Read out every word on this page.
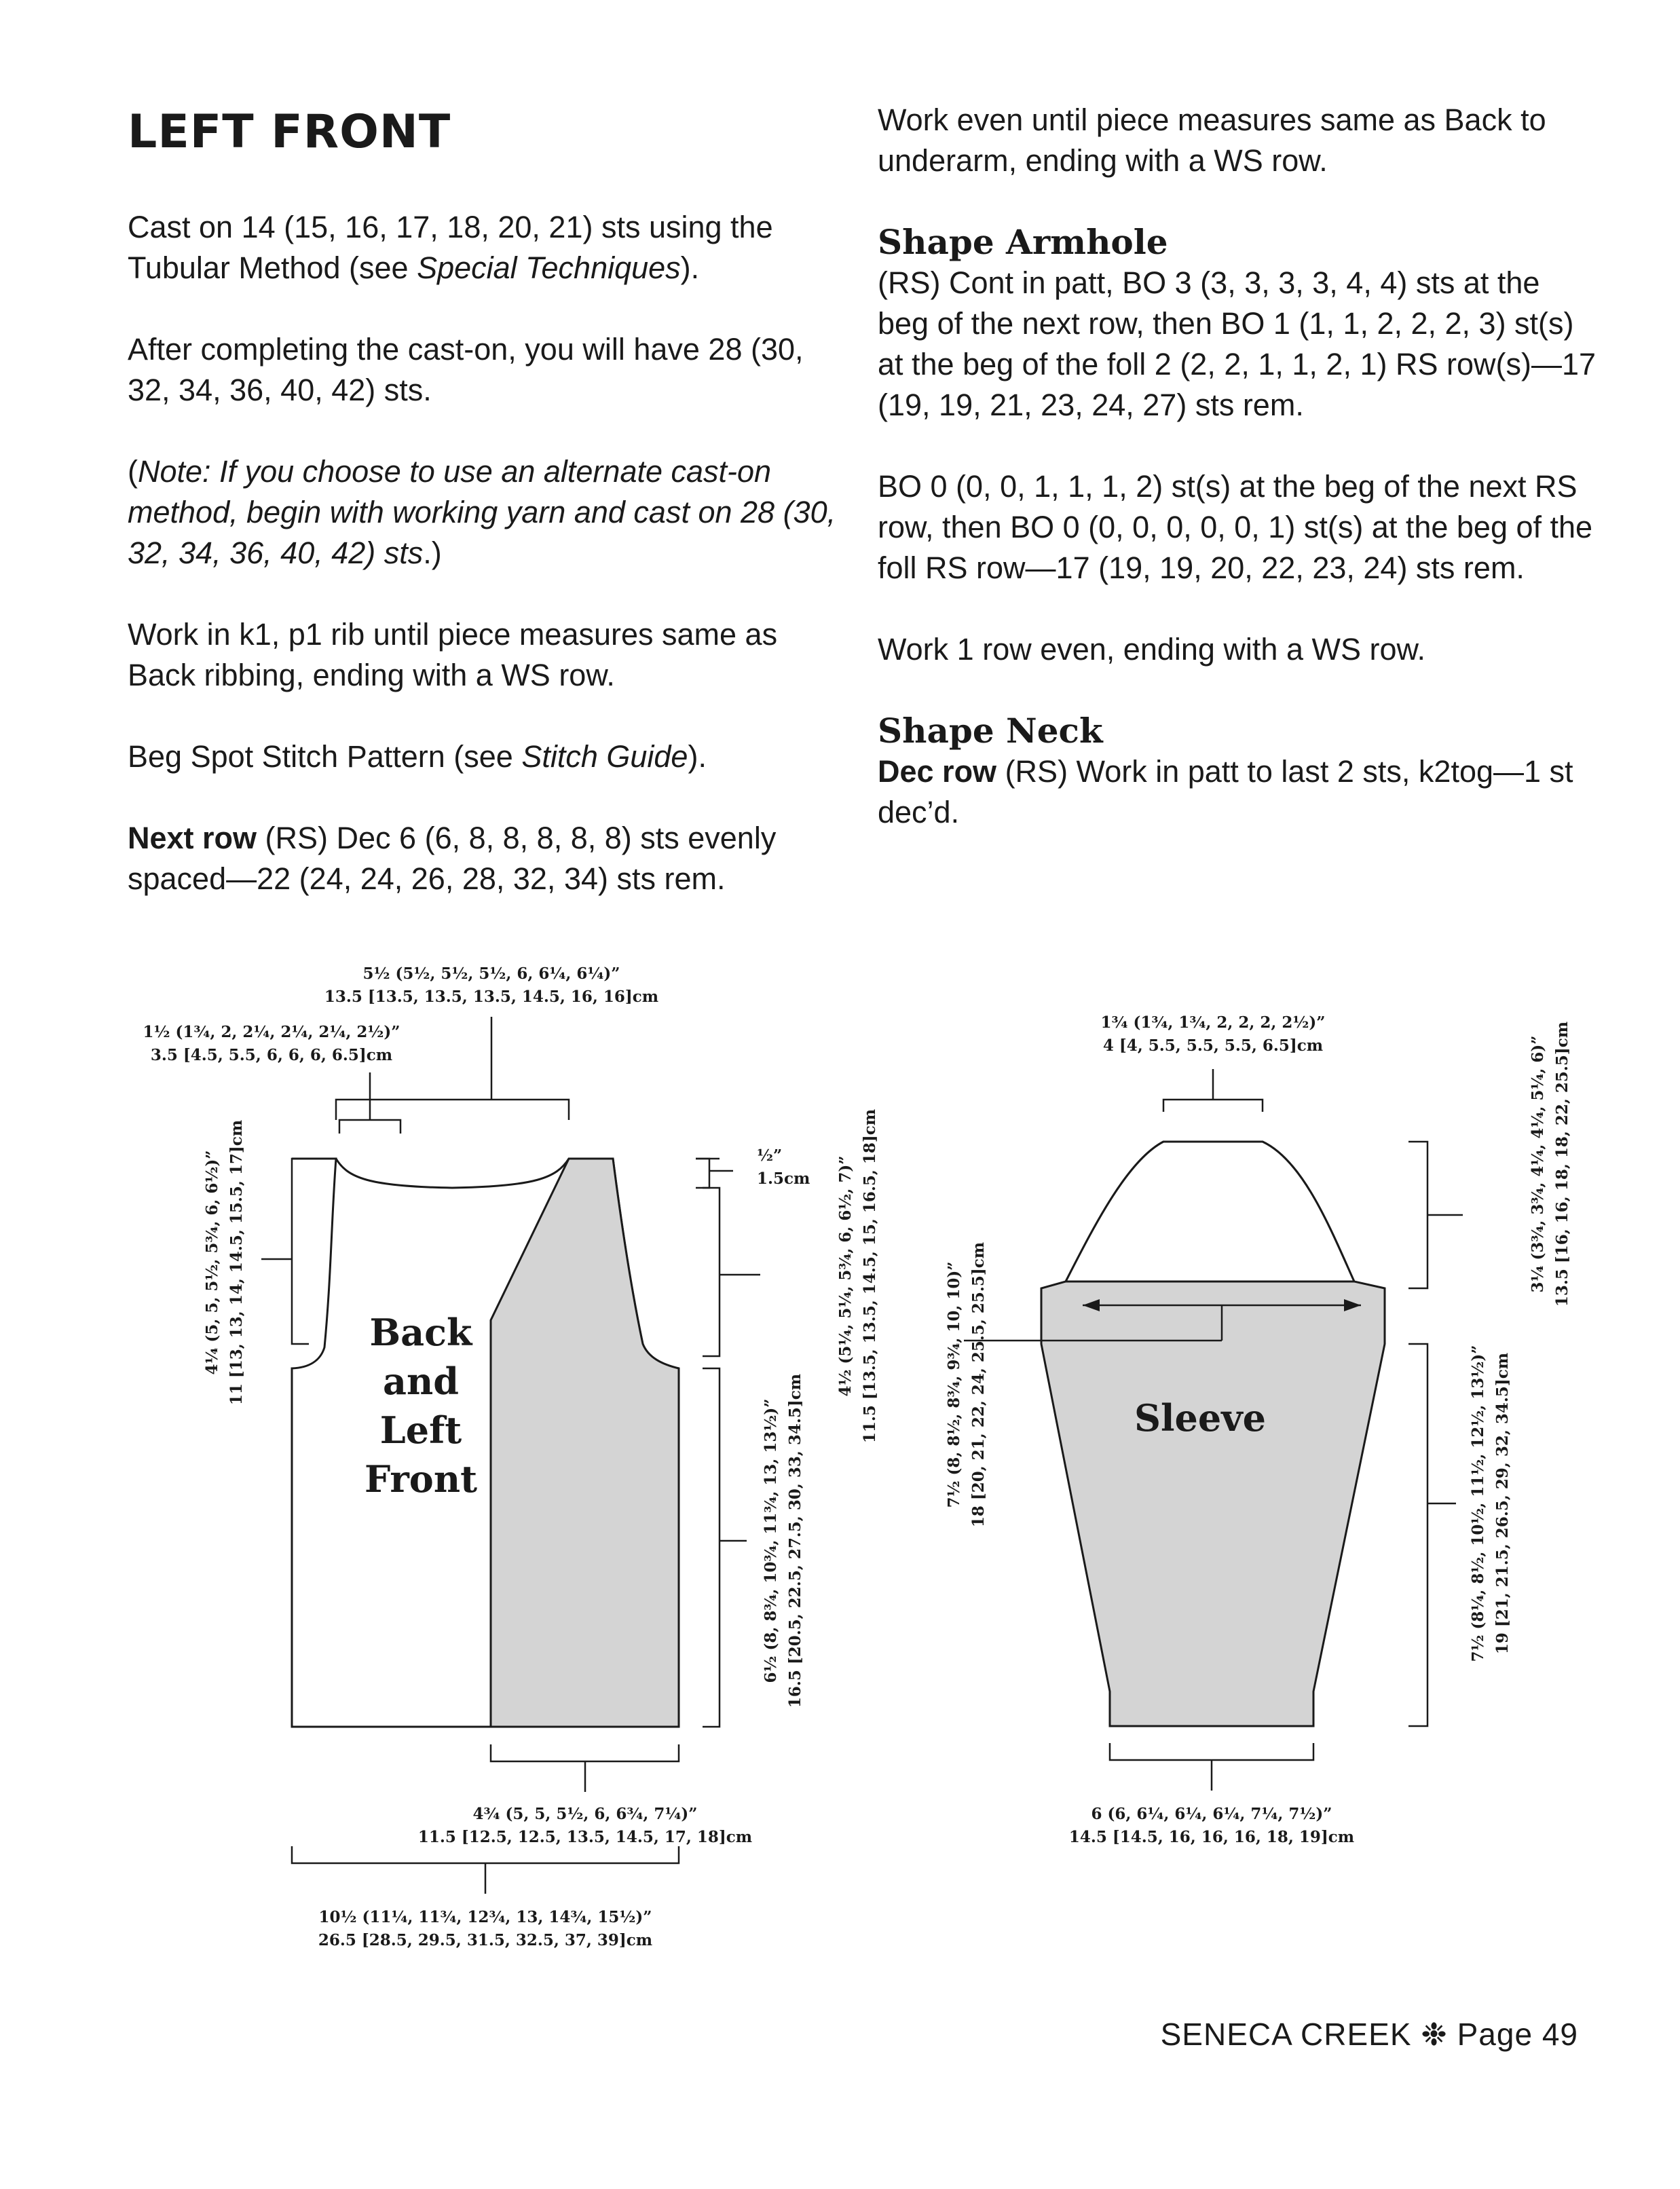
LEFT FRONT

Cast on 14 (15, 16, 17, 18, 20, 21) sts using the Tubular Method (see Special Techniques).

After completing the cast-on, you will have 28 (30, 32, 34, 36, 40, 42) sts.

(Note: If you choose to use an alternate cast-on method, begin with working yarn and cast on 28 (30, 32, 34, 36, 40, 42) sts.)

Work in k1, p1 rib until piece measures same as Back ribbing, ending with a WS row.

Beg Spot Stitch Pattern (see Stitch Guide).

Next row (RS) Dec 6 (6, 8, 8, 8, 8, 8) sts evenly spaced—22 (24, 24, 26, 28, 32, 34) sts rem.

Work even until piece measures same as Back to underarm, ending with a WS row.

Shape Armhole

(RS) Cont in patt, BO 3 (3, 3, 3, 3, 4, 4) sts at the beg of the next row, then BO 1 (1, 1, 2, 2, 2, 3) st(s) at the beg of the foll 2 (2, 2, 1, 1, 2, 1) RS row(s)—17 (19, 19, 21, 23, 24, 27) sts rem.

BO 0 (0, 0, 1, 1, 1, 2) st(s) at the beg of the next RS row, then BO 0 (0, 0, 0, 0, 0, 1) st(s) at the beg of the foll RS row—17 (19, 19, 20, 22, 23, 24) sts rem.

Work 1 row even, ending with a WS row.

Shape Neck

Dec row (RS) Work in patt to last 2 sts, k2tog—1 st dec’d.

Back
and
Left
Front
5½ (5½, 5½, 5½, 6, 6¼, 6¼)”
13.5 [13.5, 13.5, 13.5, 14.5, 16, 16]cm
1½ (1¾, 2, 2¼, 2¼, 2¼, 2½)”
3.5 [4.5, 5.5, 6, 6, 6, 6.5]cm
½”
1.5cm
4¼ (5, 5, 5½, 5¾, 6, 6½)” 11 [13, 13, 14, 14.5, 15.5, 17]cm	4½ (5¼, 5¼, 5¾, 6, 6½, 7)” 11.5 [13.5, 13.5, 14.5, 15, 16.5, 18]cm
6½ (8, 8¾, 10¾, 11¾, 13, 13½)” 16.5 [20.5, 22.5, 27.5, 30, 33, 34.5]cm
4¾ (5, 5, 5½, 6, 6¾, 7¼)”
11.5 [12.5, 12.5, 13.5, 14.5, 17, 18]cm
10½ (11¼, 11¾, 12¾, 13, 14¾, 15½)”
26.5 [28.5, 29.5, 31.5, 32.5, 37, 39]cm
Sleeve
1¾ (1¾, 1¾, 2, 2, 2, 2½)”
4 [4, 5.5, 5.5, 5.5, 6.5]cm
7½ (8, 8½, 8¾, 9¾, 10, 10)” 18 [20, 21, 22, 24, 25.5, 25.5]cm
3¼ (3¾, 3¾, 4¼, 4¼, 5¼, 6)” 13.5 [16, 16, 18, 18, 22, 25.5]cm
7½ (8¼, 8½, 10½, 11½, 12½, 13½)” 19 [21, 21.5, 26.5, 29, 32, 34.5]cm
6 (6, 6¼, 6¼, 6¼, 7¼, 7½)”
14.5 [14.5, 16, 16, 16, 18, 19]cm
SENECA CREEK ❉ Page 49
